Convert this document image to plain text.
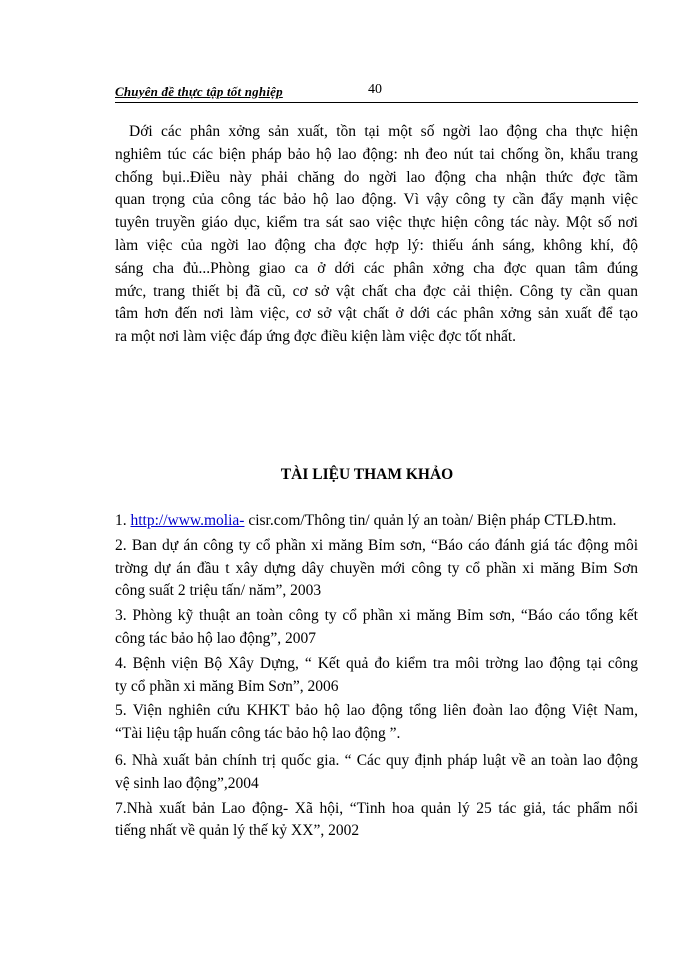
Chuyên đề thực tập tốt nghiệp	40

Dới các phân xởng sản xuất, tồn tại một số ngời lao động cha thực hiện
nghiêm túc các biện pháp bảo hộ lao động: nh đeo nút tai chống ồn, khẩu trang
chống bụi..Điều này phải chăng do ngời lao động cha nhận thức đợc tầm
quan trọng của công tác bảo hộ lao động. Vì vậy công ty cần đẩy mạnh việc
tuyên truyền giáo dục, kiểm tra sát sao việc thực hiện công tác này. Một số nơi
làm việc của ngời lao động cha đợc hợp lý: thiếu ánh sáng, không khí, độ
sáng cha đủ...Phòng giao ca ở dới các phân xởng cha đợc quan tâm đúng
mức, trang thiết bị đã cũ, cơ sở vật chất cha đợc cải thiện. Công ty cần quan
tâm hơn đến nơi làm việc, cơ sở vật chất ở dới các phân xởng sản xuất để tạo
ra một nơi làm việc đáp ứng đợc điều kiện làm việc đợc tốt nhất.

TÀI LIỆU THAM KHẢO
1. http://www.molia- cisr.com/Thông tin/ quản lý an toàn/ Biện pháp CTLĐ.htm.
2. Ban dự án công ty cổ phần xi măng Bỉm sơn, “Báo cáo đánh giá tác động môi
trờng dự án đầu t xây dựng dây chuyền mới công ty cổ phần xi măng Bỉm Sơn
công suất 2 triệu tấn/ năm”, 2003
3. Phòng kỹ thuật an toàn công ty cổ phần xi măng Bỉm sơn, “Báo cáo tổng kết
công tác bảo hộ lao động”, 2007
4. Bệnh viện Bộ Xây Dựng, “ Kết quả đo kiểm tra môi trờng lao động tại công
ty cổ phần xi măng Bỉm Sơn”, 2006
5. Viện nghiên cứu KHKT bảo hộ lao động tổng liên đoàn lao động Việt Nam,
“Tài liệu tập huấn công tác bảo hộ lao động ”.
6. Nhà xuất bản chính trị quốc gia. “ Các quy định pháp luật về an toàn lao động
vệ sinh lao động”,2004
7.Nhà xuất bản Lao động- Xã hội, “Tinh hoa quản lý 25 tác giả, tác phẩm nổi
tiếng nhất về quản lý thế kỷ XX”, 2002
